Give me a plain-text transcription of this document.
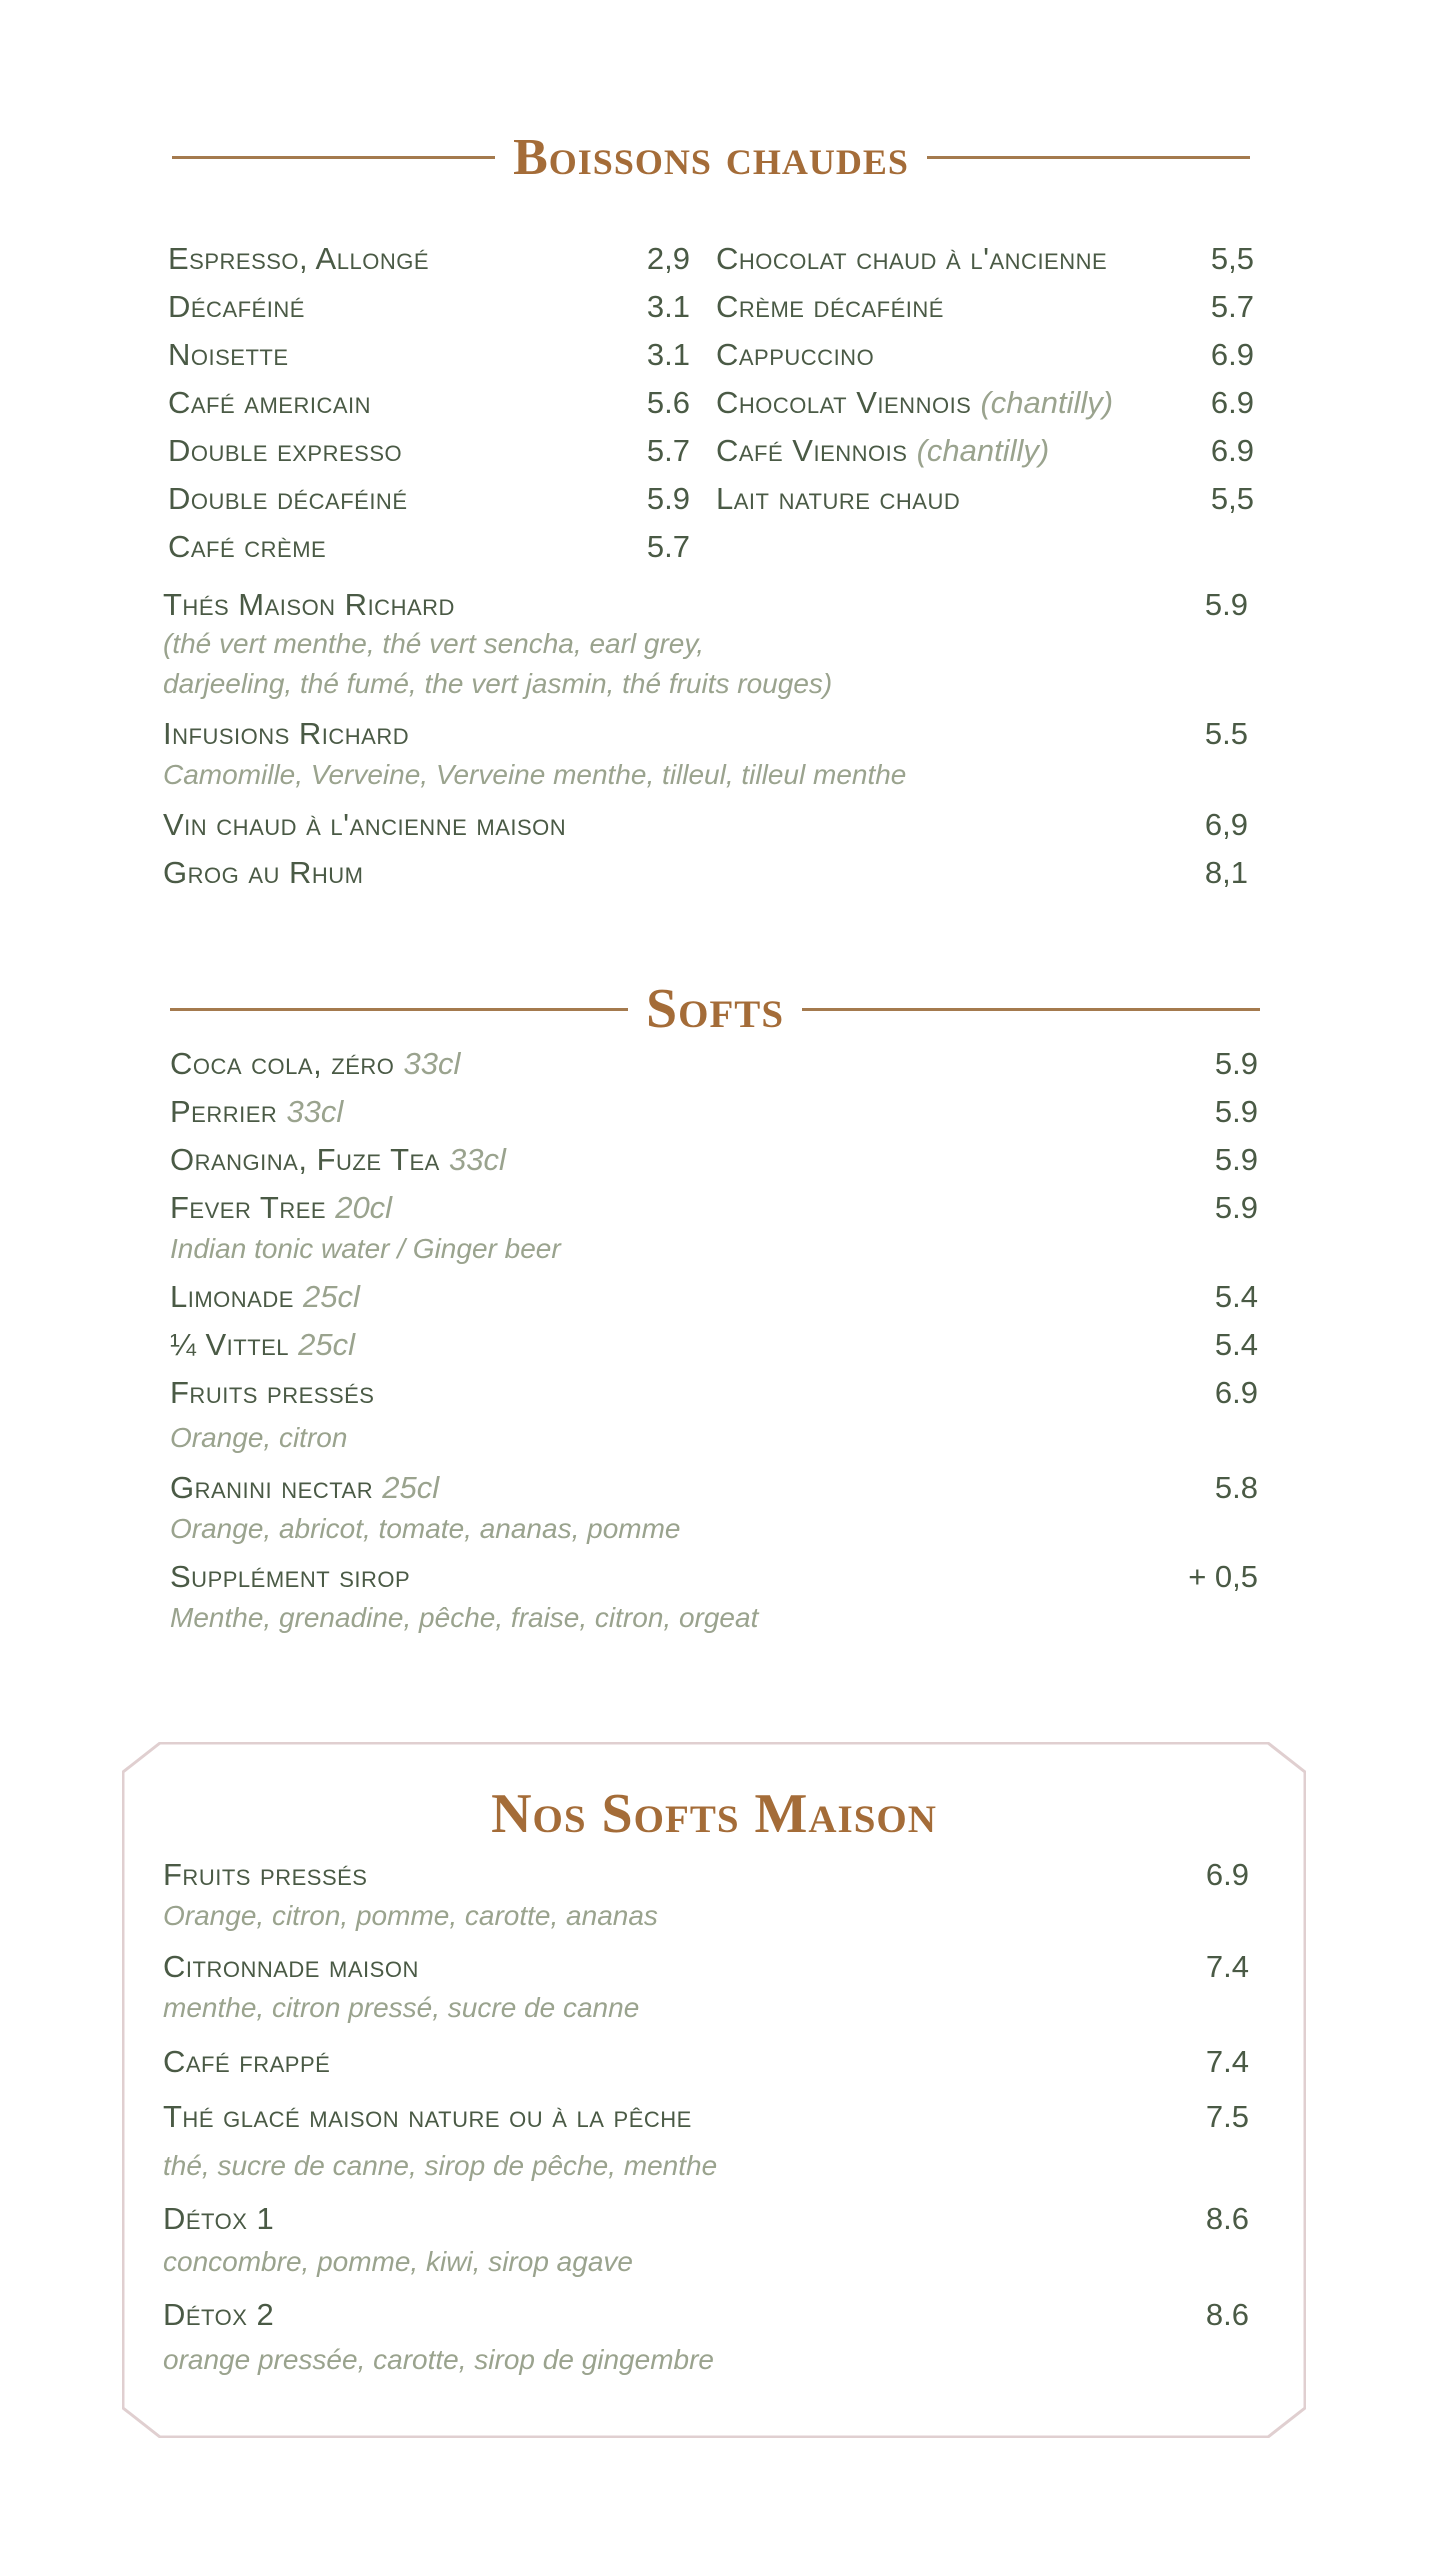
Boissons chaudes
Espresso, Allongé	2,9
Décaféiné	3.1
Noisette	3.1
Café americain	5.6
Double expresso	5.7
Double décaféiné	5.9
Café crème	5.7
Chocolat chaud à l'ancienne	5,5
Crème décaféiné	5.7
Cappuccino	6.9
Chocolat Viennois (chantilly)	6.9
Café Viennois (chantilly)	6.9
Lait nature chaud	5,5
Thés Maison Richard	5.9
(thé vert menthe, thé vert sencha, earl grey,
darjeeling, thé fumé, the vert jasmin, thé fruits rouges)
Infusions Richard	5.5
Camomille, Verveine, Verveine menthe, tilleul, tilleul menthe
Vin chaud à l'ancienne maison	6,9
Grog au Rhum	8,1
Softs
Coca cola, zéro 33cl	5.9
Perrier 33cl	5.9
Orangina, Fuze Tea 33cl	5.9
Fever Tree 20cl	5.9
Indian tonic water / Ginger beer
Limonade 25cl	5.4
¼ Vittel 25cl	5.4
Fruits pressés	6.9
Orange, citron
Granini nectar 25cl	5.8
Orange, abricot, tomate, ananas, pomme
Supplément sirop	+ 0,5
Menthe, grenadine, pêche, fraise, citron, orgeat
Nos Softs Maison
Fruits pressés	6.9
Orange, citron, pomme, carotte, ananas
Citronnade maison	7.4
menthe, citron pressé, sucre de canne
Café frappé	7.4
Thé glacé maison nature ou à la pêche	7.5
thé, sucre de canne, sirop de pêche, menthe
Détox 1	8.6
concombre, pomme, kiwi, sirop agave
Détox 2	8.6
orange pressée, carotte, sirop de gingembre
